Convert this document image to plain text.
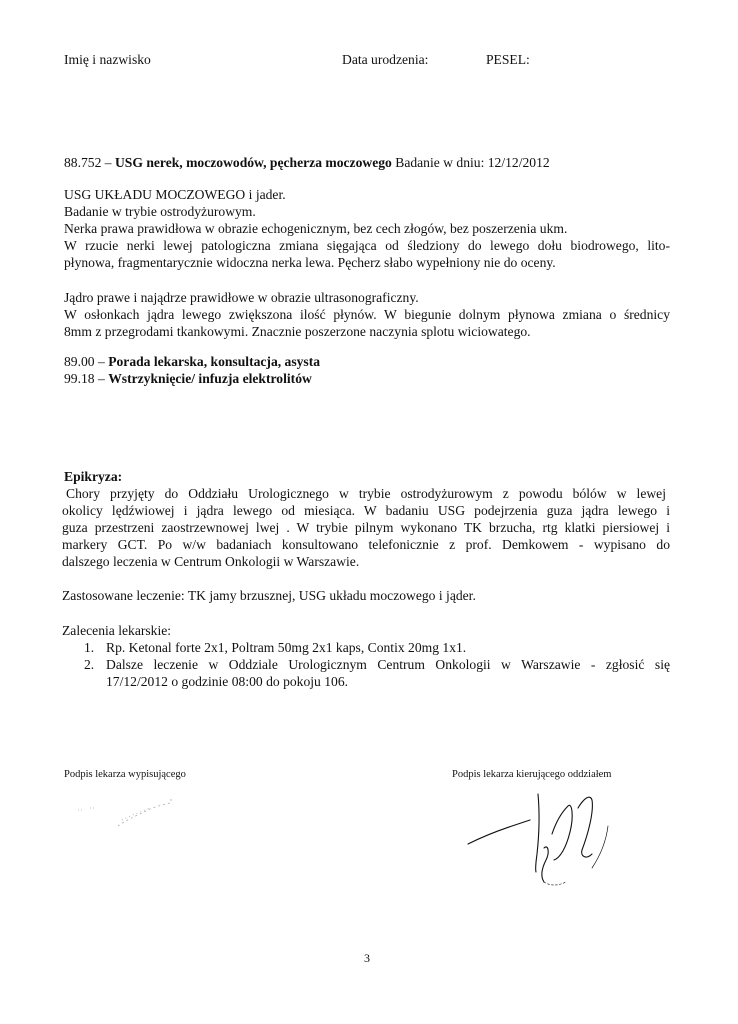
Imię i nazwisko	Data urodzenia:	PESEL:
88.752 – USG nerek, moczowodów, pęcherza moczowego Badanie w dniu: 12/12/2012
USG UKŁADU MOCZOWEGO i jader.
Badanie w trybie ostrodyżurowym.
Nerka prawa prawidłowa w obrazie echogenicznym, bez cech złogów, bez poszerzenia ukm.
W rzucie nerki lewej patologiczna zmiana sięgająca od śledziony do lewego dołu biodrowego, lito-
płynowa, fragmentarycznie widoczna nerka lewa. Pęcherz słabo wypełniony nie do oceny.
Jądro prawe i najądrze prawidłowe w obrazie ultrasonograficzny.
W osłonkach jądra lewego zwiększona ilość płynów. W biegunie dolnym płynowa zmiana o średnicy
8mm z przegrodami tkankowymi. Znacznie poszerzone naczynia splotu wiciowatego.
89.00 – Porada lekarska, konsultacja, asysta
99.18 – Wstrzyknięcie/ infuzja elektrolitów
Epikryza:
Chory przyjęty do Oddziału Urologicznego w trybie ostrodyżurowym z powodu bólów w lewej
okolicy lędźwiowej i jądra lewego od miesiąca. W badaniu USG podejrzenia guza jądra lewego i
guza przestrzeni zaostrzewnowej lwej . W trybie pilnym wykonano TK brzucha, rtg klatki piersiowej i
markery GCT. Po w/w badaniach konsultowano telefonicznie z prof. Demkowem - wypisano do
dalszego leczenia w Centrum Onkologii w Warszawie.
Zastosowane leczenie: TK jamy brzusznej, USG układu moczowego i jąder.
Zalecenia lekarskie:
1. Rp. Ketonal forte 2x1, Poltram 50mg 2x1 kaps, Contix 20mg 1x1.
2. Dalsze leczenie w Oddziale Urologicznym Centrum Onkologii w Warszawie - zgłosić się
17/12/2012 o godzinie 08:00 do pokoju 106.
Podpis lekarza wypisującego	Podpis lekarza kierującego oddziałem
3
